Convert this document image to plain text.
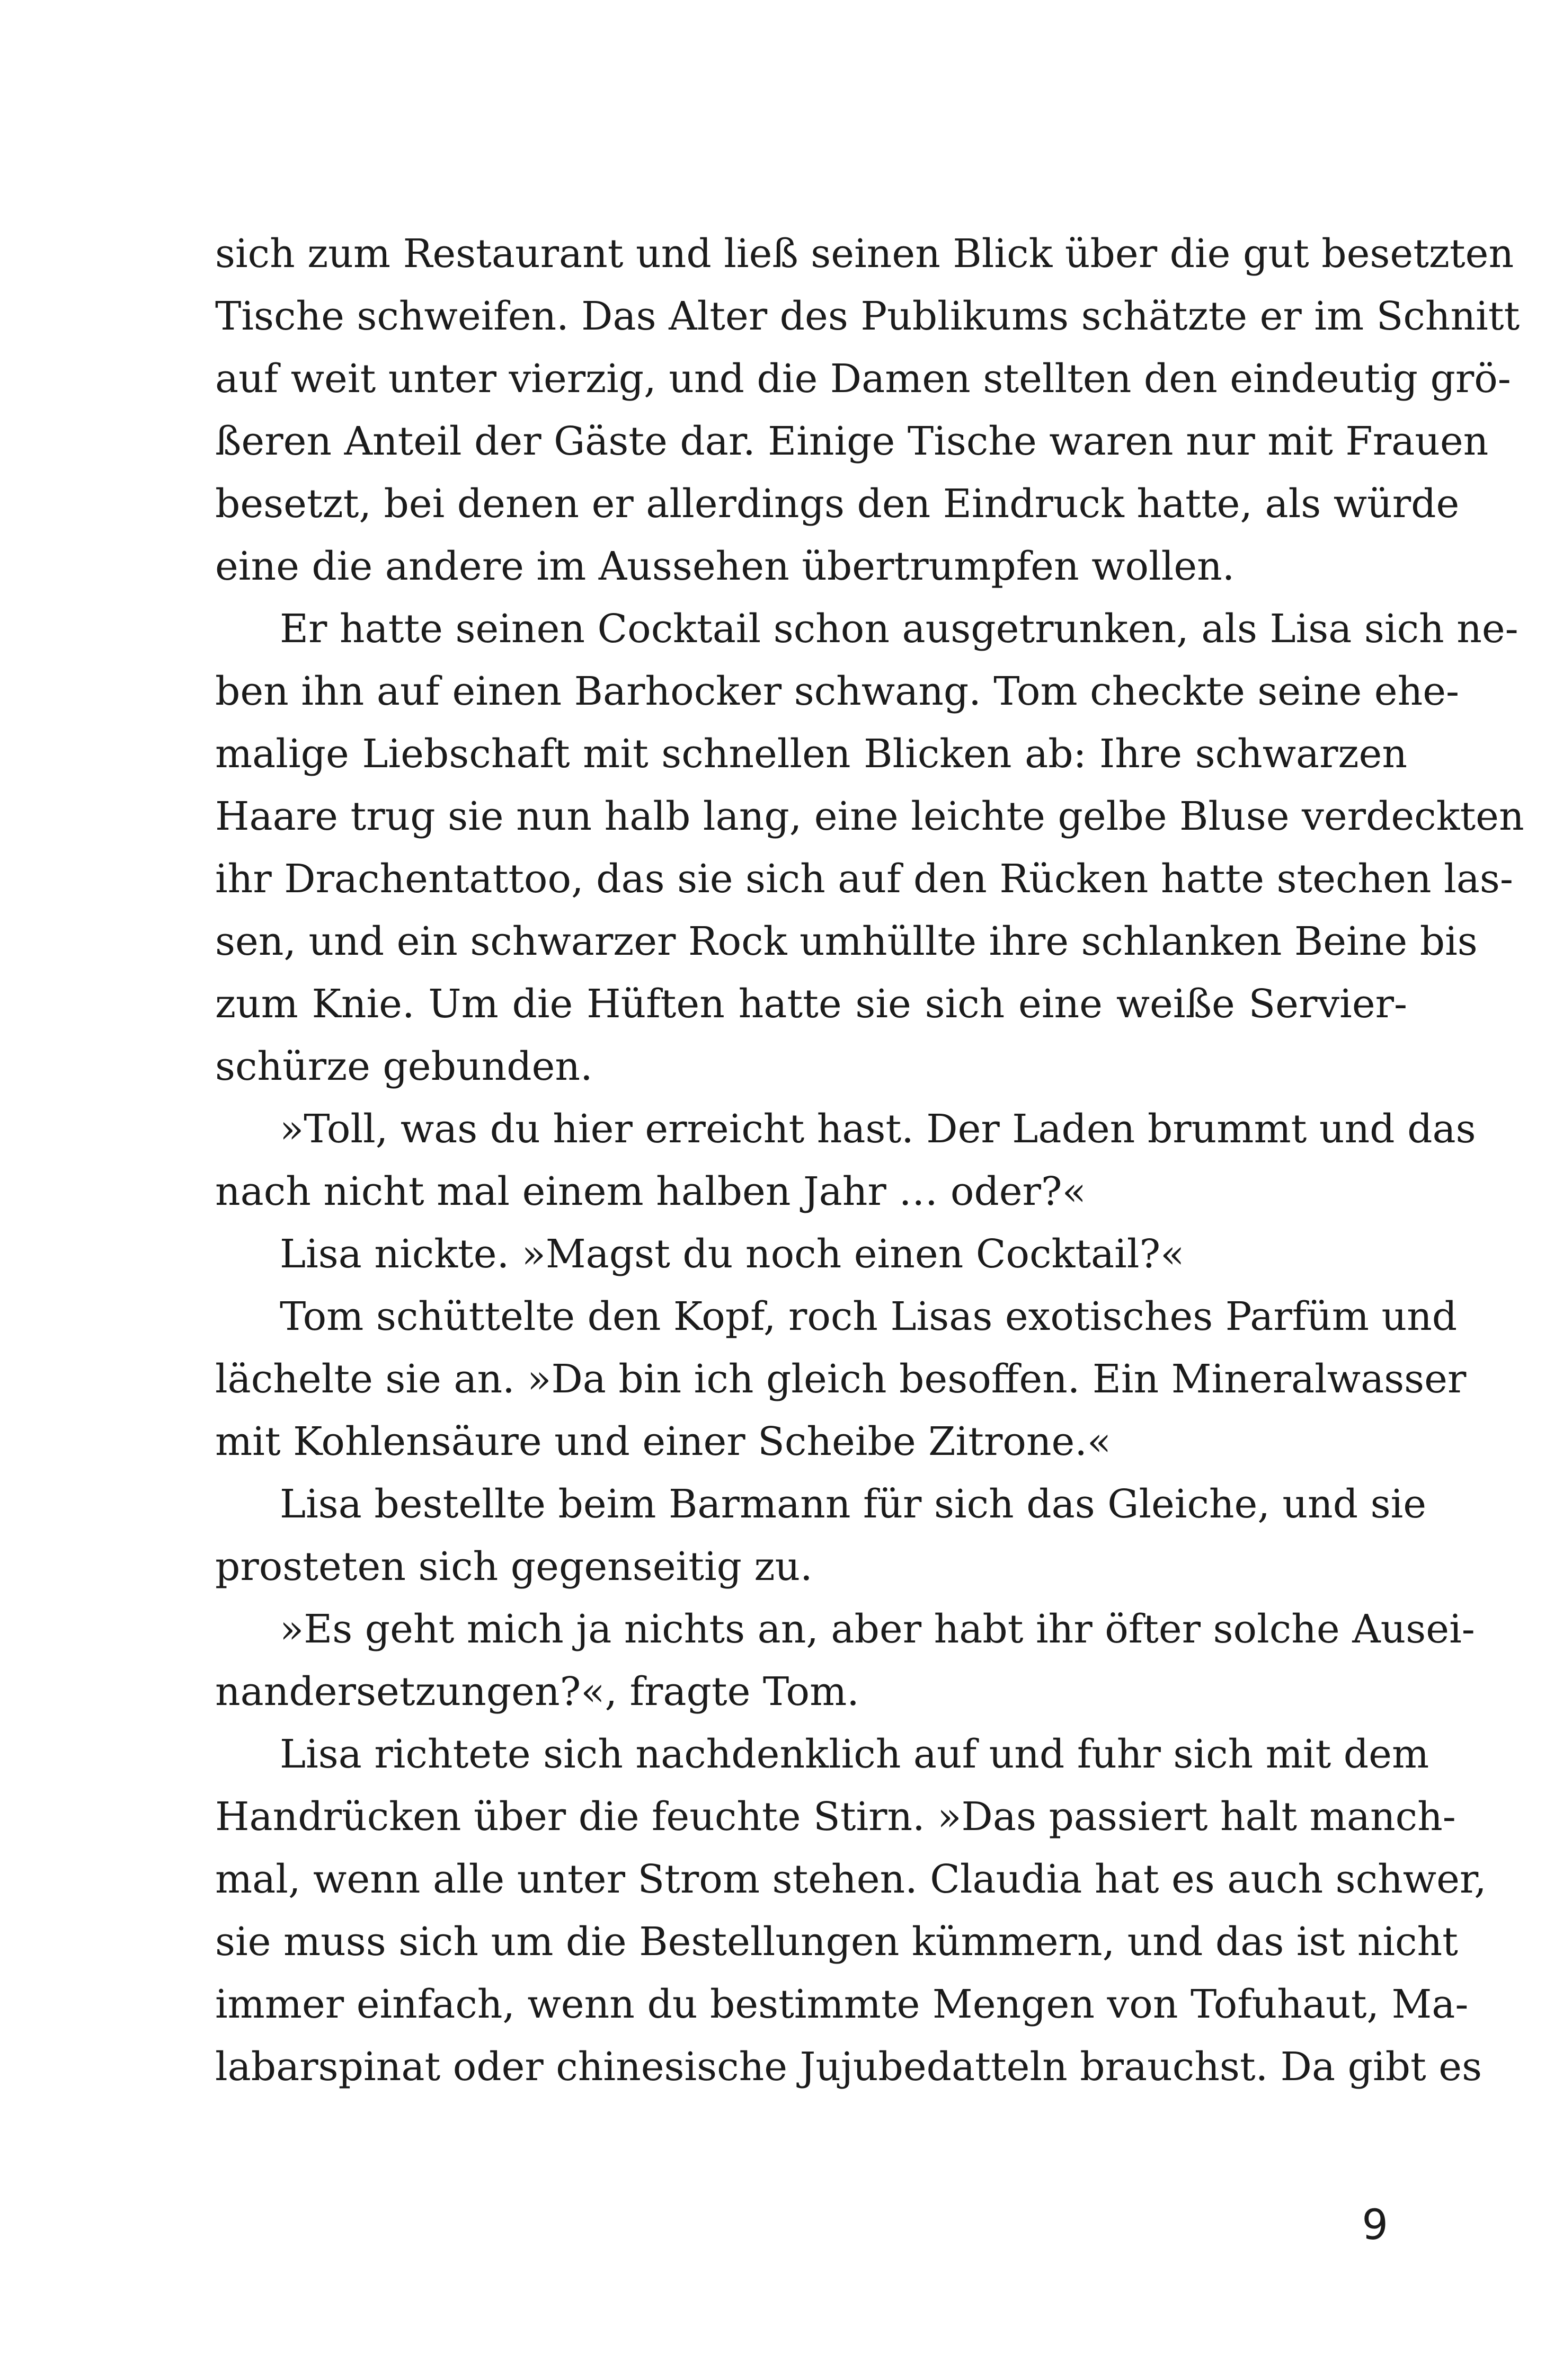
sich zum Restaurant und ließ seinen Blick über die gut besetzten
Tische schweifen. Das Alter des Publikums schätzte er im Schnitt
auf weit unter vierzig, und die Damen stellten den eindeutig grö-
ßeren Anteil der Gäste dar. Einige Tische waren nur mit Frauen
besetzt, bei denen er allerdings den Eindruck hatte, als würde
eine die andere im Aussehen übertrumpfen wollen.
Er hatte seinen Cocktail schon ausgetrunken, als Lisa sich ne-
ben ihn auf einen Barhocker schwang. Tom checkte seine ehe-
malige Liebschaft mit schnellen Blicken ab: Ihre schwarzen
Haare trug sie nun halb lang, eine leichte gelbe Bluse verdeckten
ihr Drachentattoo, das sie sich auf den Rücken hatte stechen las-
sen, und ein schwarzer Rock umhüllte ihre schlanken Beine bis
zum Knie. Um die Hüften hatte sie sich eine weiße Servier-
schürze gebunden.
»Toll, was du hier erreicht hast. Der Laden brummt und das
nach nicht mal einem halben Jahr … oder?«
Lisa nickte. »Magst du noch einen Cocktail?«
Tom schüttelte den Kopf, roch Lisas exotisches Parfüm und
lächelte sie an. »Da bin ich gleich besoffen. Ein Mineralwasser
mit Kohlensäure und einer Scheibe Zitrone.«
Lisa bestellte beim Barmann für sich das Gleiche, und sie
prosteten sich gegenseitig zu.
»Es geht mich ja nichts an, aber habt ihr öfter solche Ausei-
nandersetzungen?«, fragte Tom.
Lisa richtete sich nachdenklich auf und fuhr sich mit dem
Handrücken über die feuchte Stirn. »Das passiert halt manch-
mal, wenn alle unter Strom stehen. Claudia hat es auch schwer,
sie muss sich um die Bestellungen kümmern, und das ist nicht
immer einfach, wenn du bestimmte Mengen von Tofuhaut, Ma-
labarspinat oder chinesische Jujubedatteln brauchst. Da gibt es
9
